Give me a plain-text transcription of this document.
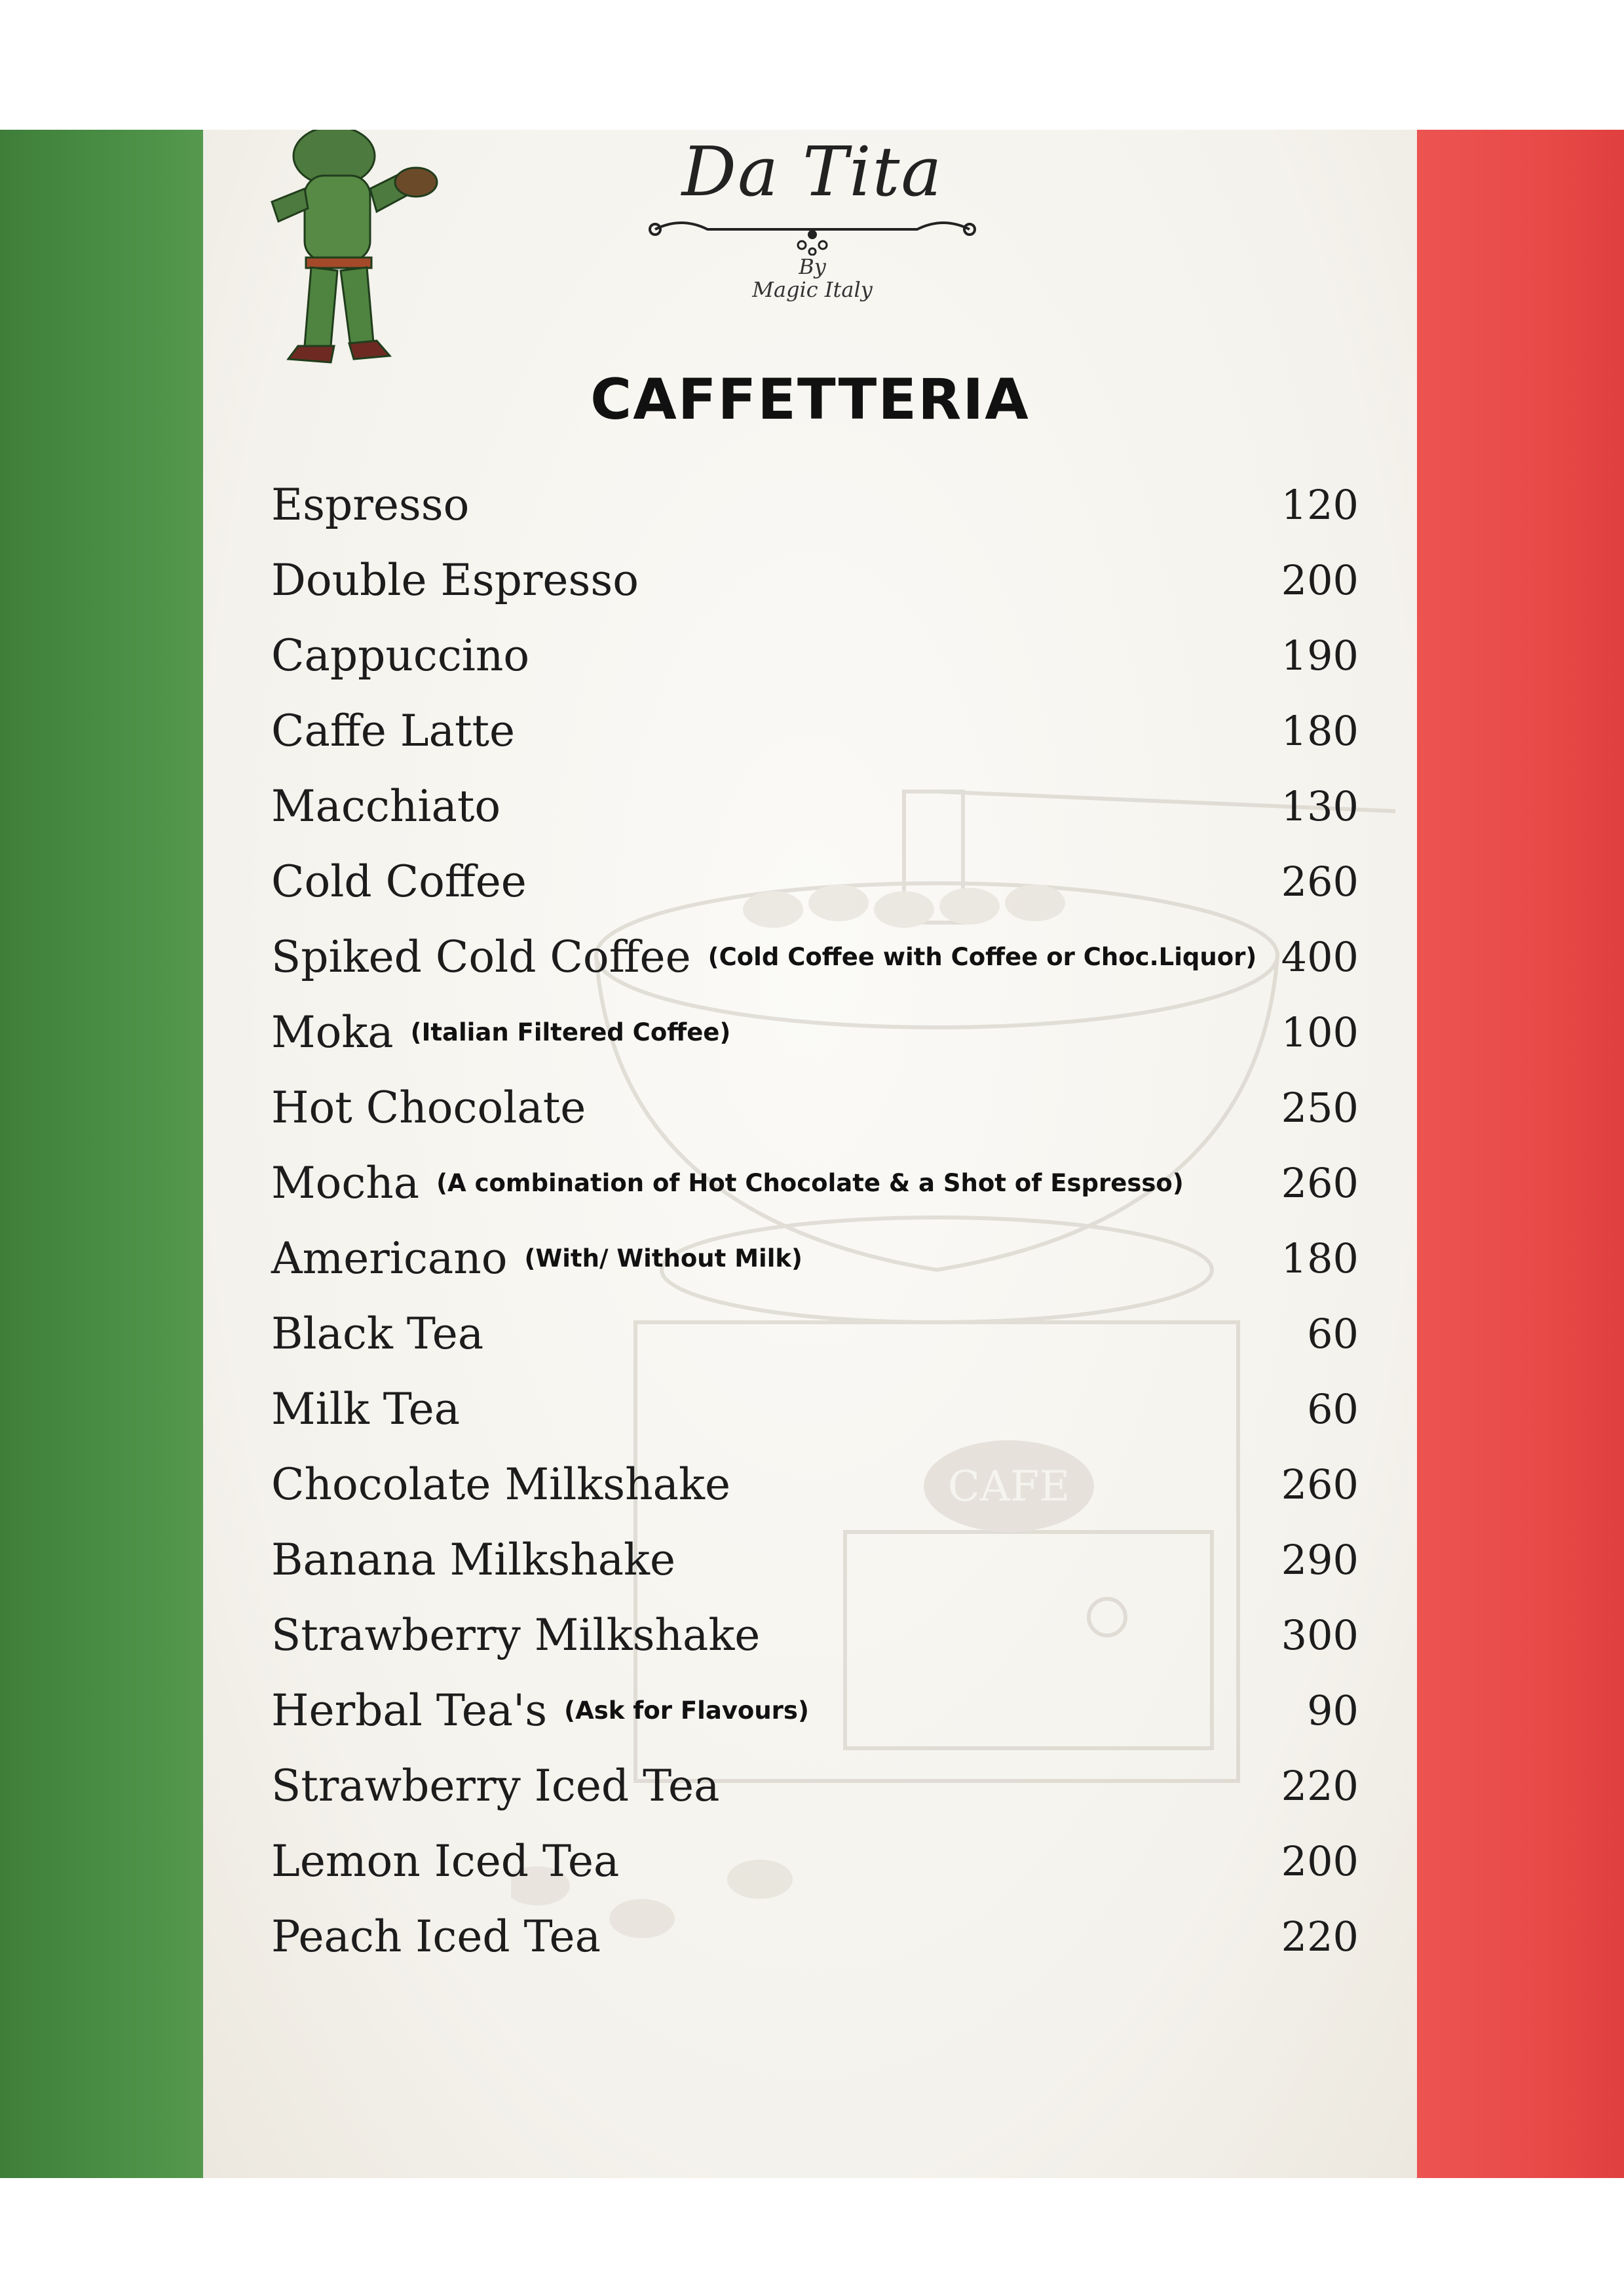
CAFE
Da Tita
By
Magic Italy
CAFFETTERIA
Espresso	120
Double Espresso	200
Cappuccino	190
Caffe Latte	180
Macchiato	130
Cold Coffee	260
Spiked Cold Coffee (Cold Coffee with Coffee or Choc.Liquor) 400
Moka (Italian Filtered Coffee)	100
Hot Chocolate	250
Mocha (A combination of Hot Chocolate & a Shot of Espresso) 260
Americano (With/ Without Milk)	180
Black Tea	60
Milk Tea	60
Chocolate Milkshake	260
Banana Milkshake	290
Strawberry Milkshake	300
Herbal Tea's (Ask for Flavours)	90
Strawberry Iced Tea	220
Lemon Iced Tea	200
Peach Iced Tea	220
